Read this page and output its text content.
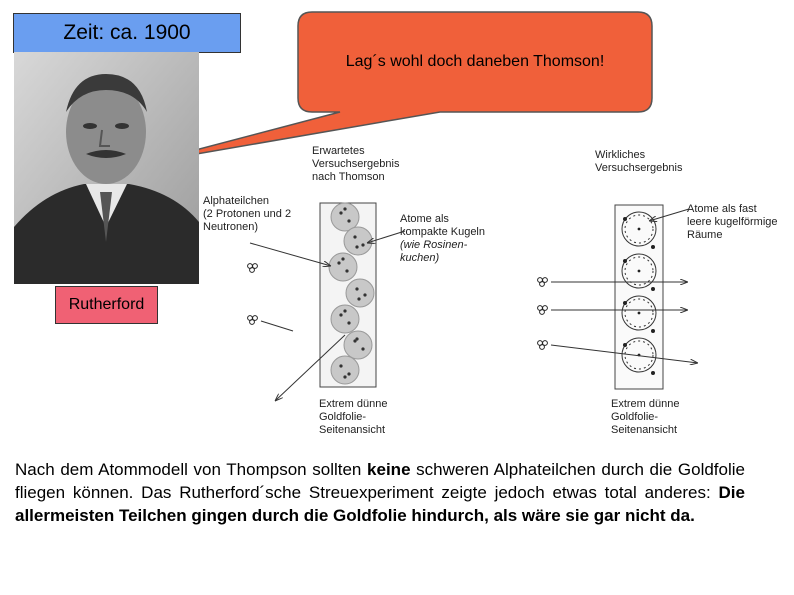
Lag´s wohl doch daneben Thomson!
Zeit: ca. 1900
Rutherford
Erwartetes
Versuchsergebnis
nach Thomson
Wirkliches
Versuchsergebnis
Alphateilchen
(2 Protonen und 2
Neutronen)
Atome als
kompakte Kugeln
(wie Rosinen-
kuchen)
Atome als fast
leere kugelförmige
Räume
Extrem dünne
Goldfolie-
Seitenansicht
Extrem dünne
Goldfolie-
Seitenansicht
Nach dem Atommodell von Thompson sollten keine schweren Alphateilchen durch die Goldfolie fliegen können. Das Rutherford´sche Streuexperiment zeigte jedoch etwas total anderes: Die allermeisten Teilchen gingen durch die Goldfolie hindurch, als wäre sie gar nicht da.
